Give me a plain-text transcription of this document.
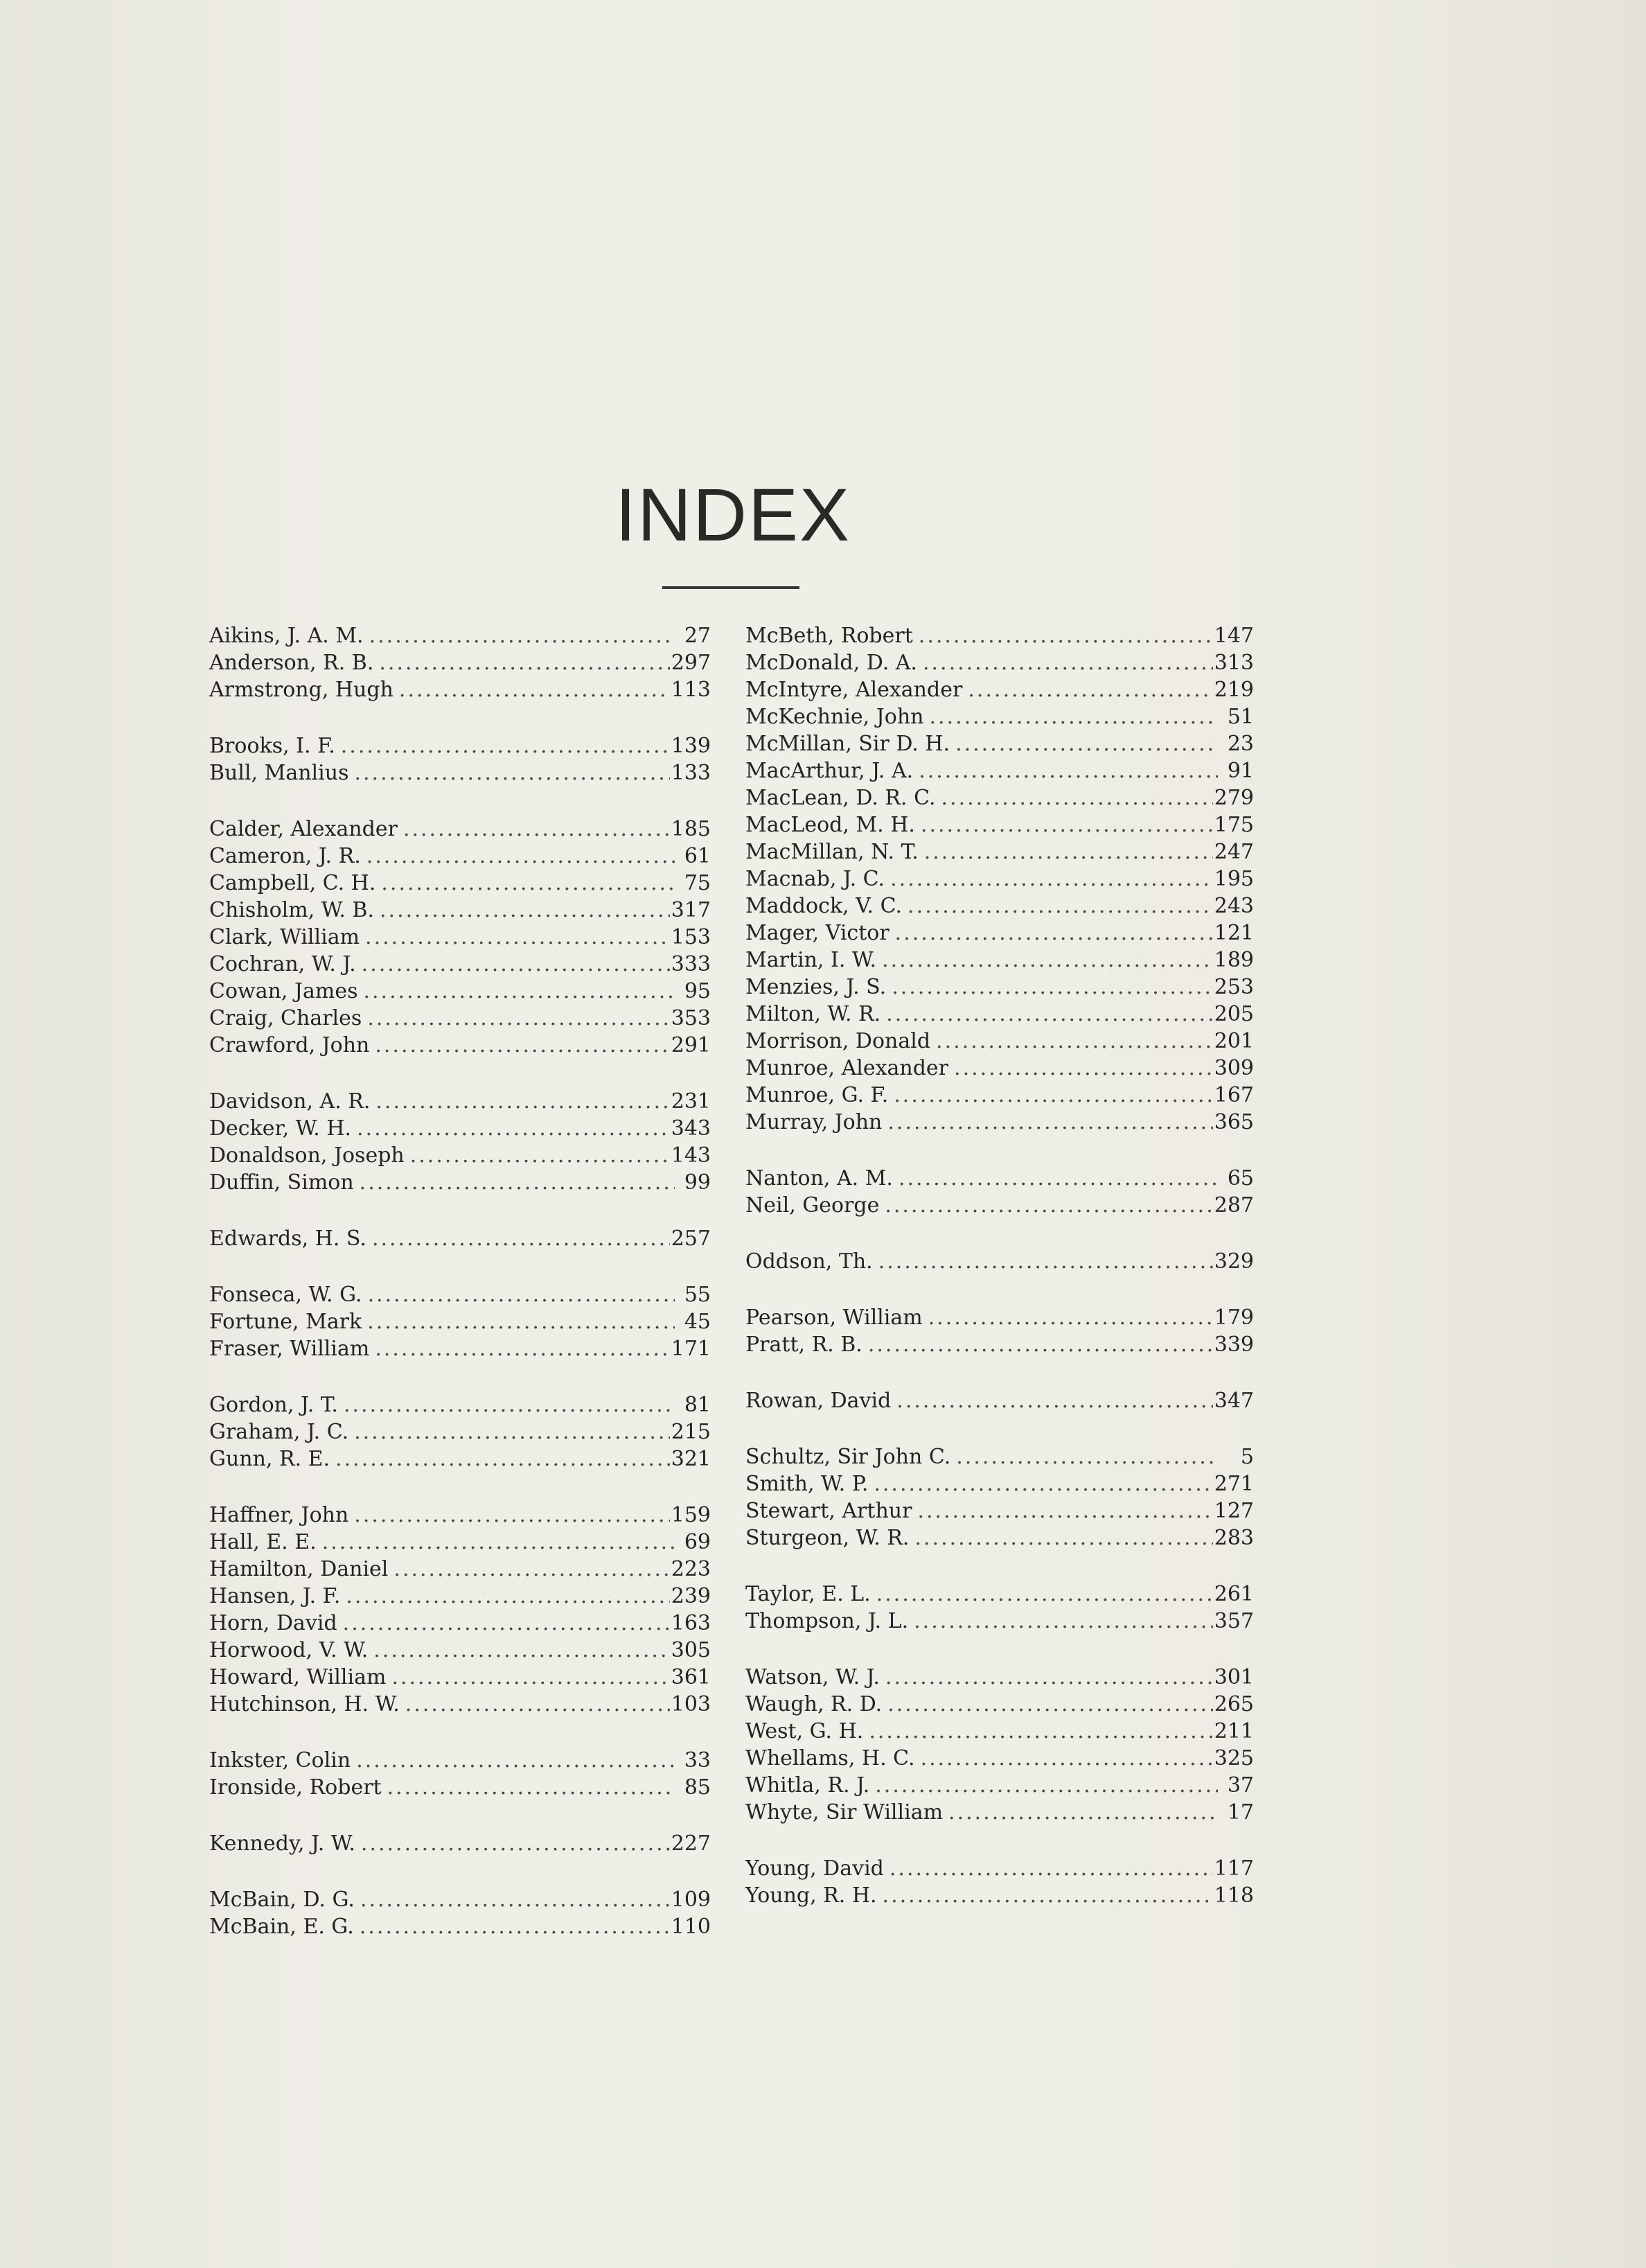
INDEX
Aikins, J. A. M. .....	27
Anderson, R. B. .....	297
Armstrong, Hugh .....	113
Brooks, I. F. .....	139
Bull, Manlius .....	133
Calder, Alexander .....	185
Cameron, J. R. .....	61
Campbell, C. H. .....	75
Chisholm, W. B. .....	317
Clark, William .....	153
Cochran, W. J. .....	333
Cowan, James .....	95
Craig, Charles .....	353
Crawford, John .....	291
Davidson, A. R. .....	231
Decker, W. H. .....	343
Donaldson, Joseph .....	143
Duffin, Simon .....	99
Edwards, H. S. .....	257
Fonseca, W. G. .....	55
Fortune, Mark .....	45
Fraser, William .....	171
Gordon, J. T. .....	81
Graham, J. C. .....	215
Gunn, R. E. .....	321
Haffner, John .....	159
Hall, E. E. .....	69
Hamilton, Daniel .....	223
Hansen, J. F. .....	239
Horn, David .....	163
Horwood, V. W. .....	305
Howard, William .....	361
Hutchinson, H. W. .....	103
Inkster, Colin .....	33
Ironside, Robert .....	85
Kennedy, J. W. .....	227
McBain, D. G. .....	109
McBain, E. G. .....	110
McBeth, Robert .....	147
McDonald, D. A. .....	313
McIntyre, Alexander .....	219
McKechnie, John .....	51
McMillan, Sir D. H. .....	23
MacArthur, J. A. .....	91
MacLean, D. R. C. .....	279
MacLeod, M. H. .....	175
MacMillan, N. T. .....	247
Macnab, J. C. .....	195
Maddock, V. C. .....	243
Mager, Victor .....	121
Martin, I. W. .....	189
Menzies, J. S. .....	253
Milton, W. R. .....	205
Morrison, Donald .....	201
Munroe, Alexander .....	309
Munroe, G. F. .....	167
Murray, John .....	365
Nanton, A. M. .....	65
Neil, George .....	287
Oddson, Th. .....	329
Pearson, William .....	179
Pratt, R. B. .....	339
Rowan, David .....	347
Schultz, Sir John C. .....	5
Smith, W. P. .....	271
Stewart, Arthur .....	127
Sturgeon, W. R. .....	283
Taylor, E. L. .....	261
Thompson, J. L. .....	357
Watson, W. J. .....	301
Waugh, R. D. .....	265
West, G. H. .....	211
Whellams, H. C. .....	325
Whitla, R. J. .....	37
Whyte, Sir William .....	17
Young, David .....	117
Young, R. H. .....	118
